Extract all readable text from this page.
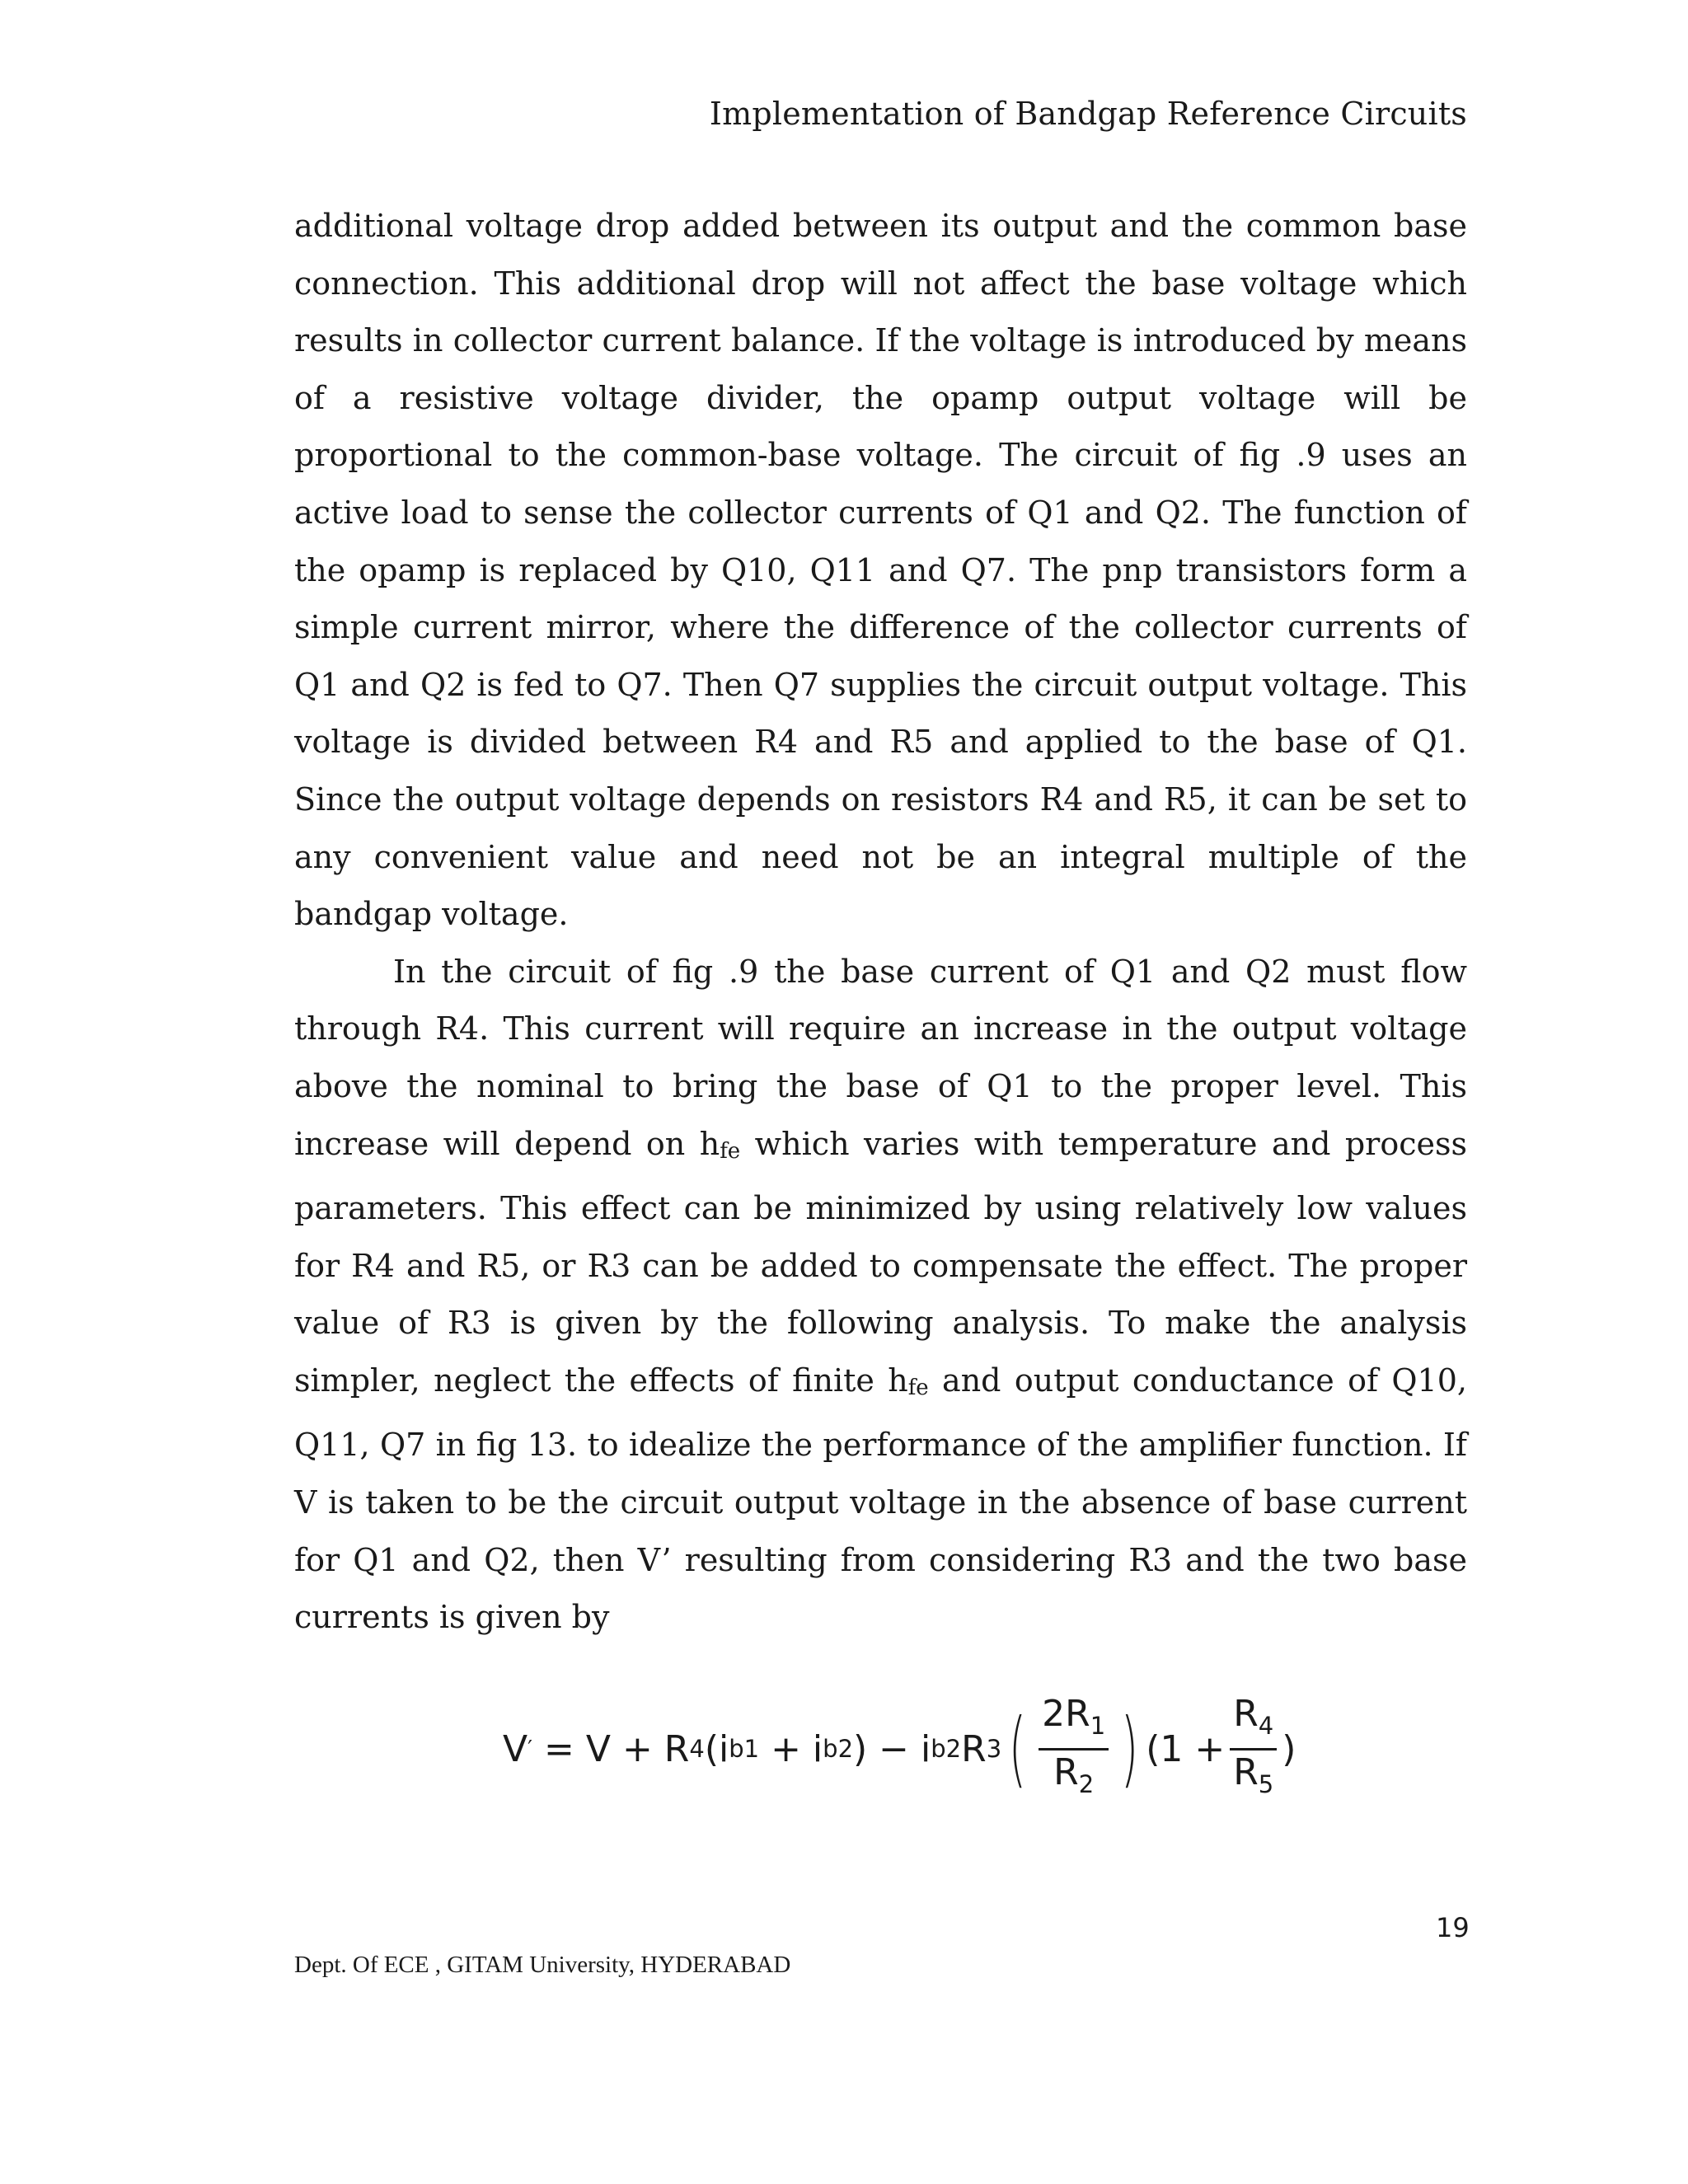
Implementation of Bandgap Reference Circuits

additional voltage drop added between its output and the common base connection. This additional drop will not affect the base voltage which results in collector current balance. If the voltage is introduced by means of a resistive voltage divider, the opamp output voltage will be proportional to the common-base voltage. The circuit of fig .9 uses an active load to sense the collector currents of Q1 and Q2. The function of the opamp is replaced by Q10, Q11 and Q7. The pnp transistors form a simple current mirror, where the difference of the collector currents of Q1 and Q2 is fed to Q7. Then Q7 supplies the circuit output voltage. This voltage is divided between R4 and R5 and applied to the base of Q1. Since the output voltage depends on resistors R4 and R5, it can be set to any convenient value and need not be an integral multiple of the bandgap voltage.

In the circuit of fig .9 the base current of Q1 and Q2 must flow through R4. This current will require an increase in the output voltage above the nominal to bring the base of Q1 to the proper level. This increase will depend on hfe which varies with temperature and process parameters. This effect can be minimized by using relatively low values for R4 and R5, or R3 can be added to compensate the effect. The proper value of R3 is given by the following analysis. To make the analysis simpler, neglect the effects of finite hfe and output conductance of Q10, Q11, Q7 in fig 13. to idealize the performance of the amplifier function. If V is taken to be the circuit output voltage in the absence of base current for Q1 and Q2, then V’ resulting from considering R3 and the two base currents is given by

V ′ = V + R 4 (i b1 + i b2 ) − i b2 R 3 ( $\frac{2R_1}{R_2}$ ) ($1 + \frac{R_4}{R_5}$ )
19
Dept. Of ECE , GITAM University, HYDERABAD
